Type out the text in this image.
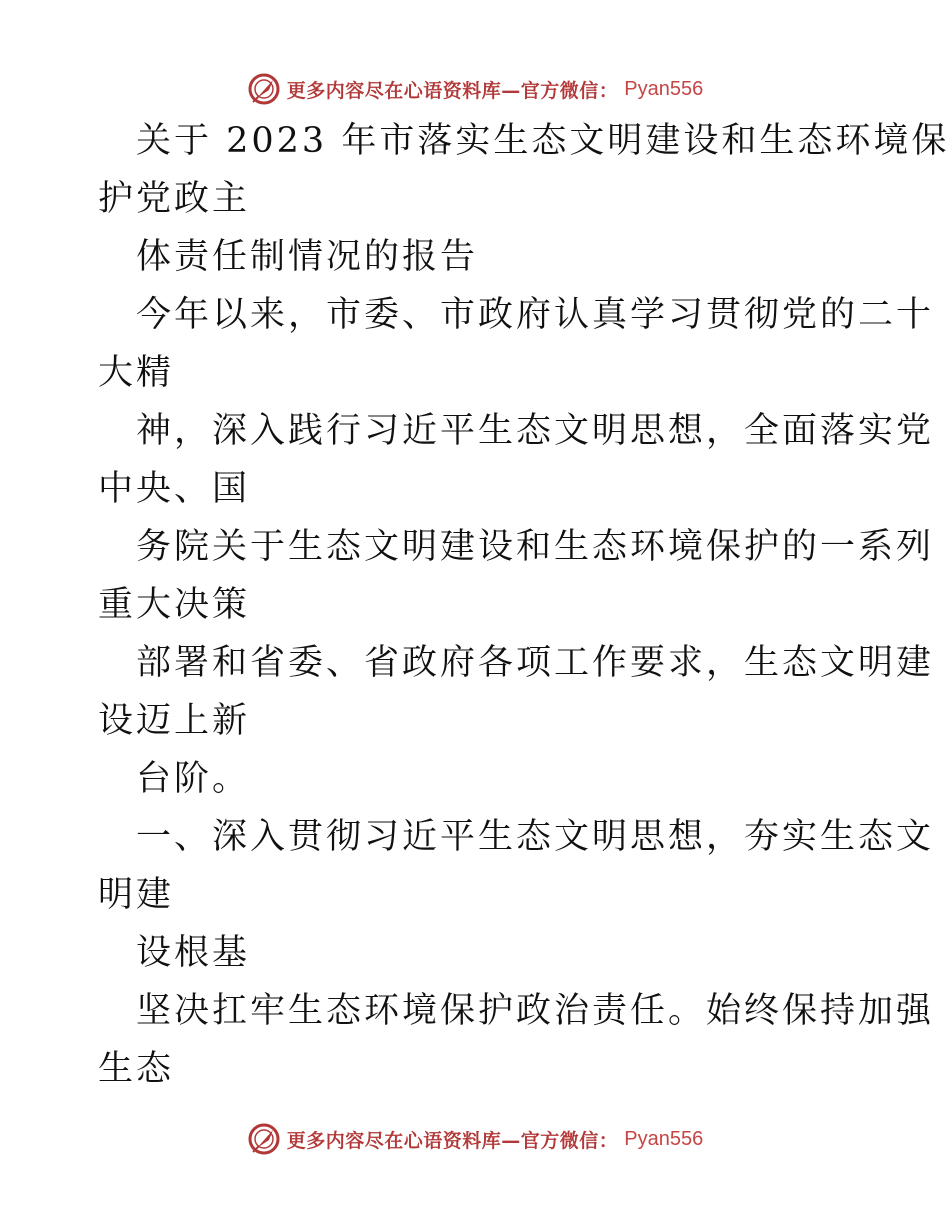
更多内容尽在心语资料库—官方微信： Pyan556
关于 2023 年市落实生态文明建设和生态环境保
护党政主
体责任制情况的报告
今年以来，市委、市政府认真学习贯彻党的二十
大精
神，深入践行习近平生态文明思想，全面落实党
中央、国
务院关于生态文明建设和生态环境保护的一系列
重大决策
部署和省委、省政府各项工作要求，生态文明建
设迈上新
台阶。
一、深入贯彻习近平生态文明思想，夯实生态文
明建
设根基
坚决扛牢生态环境保护政治责任。始终保持加强
生态
更多内容尽在心语资料库—官方微信： Pyan556
